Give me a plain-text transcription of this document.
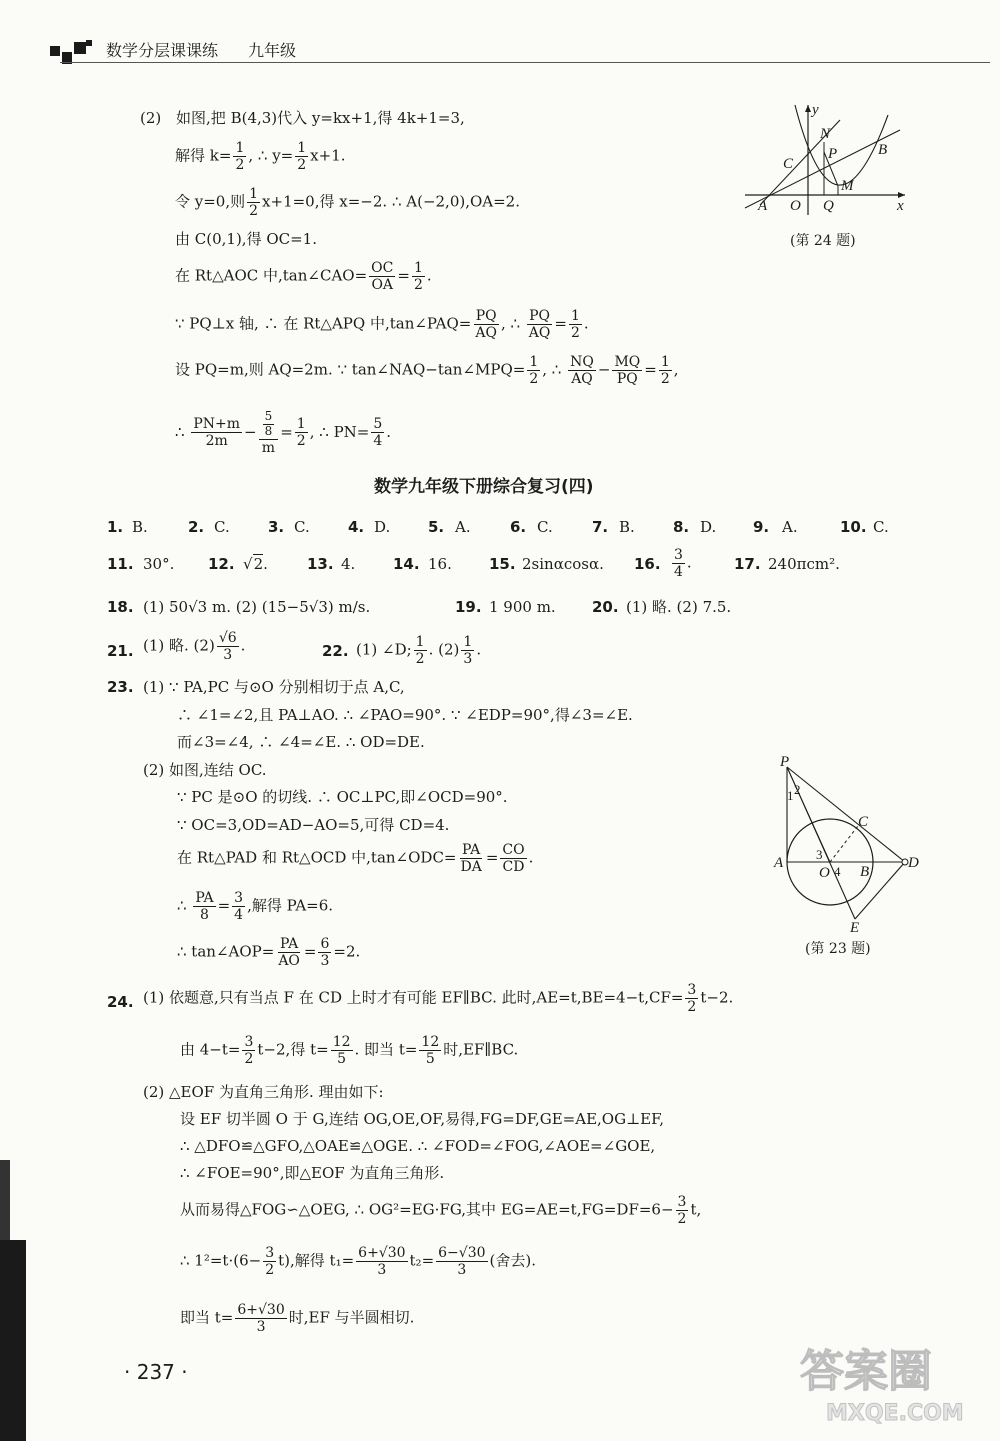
数学分层课课练 九年级
(2) 如图,把 B(4,3)代入 y=kx+1,得 4k+1=3,
解得 $k= \frac{1}{2}$ , ∴ $y= \frac{1}{2} x+1$.
令 y=0,则 $\frac{1}{2} x+1=0$,得 x=−2. ∴ A(−2,0),OA=2.
由 C(0,1),得 OC=1.
在 Rt△AOC 中,tan∠CAO= $\frac{OC}{OA} = \frac{1}{2}$ .
∵ PQ⊥x 轴, ∴ 在 Rt△APQ 中,tan∠PAQ= $\frac{PQ}{AQ}$ , ∴ $\frac{PQ}{AQ} = \frac{1}{2}$ .
设 PQ=m,则 AQ=2m. ∵ tan∠NAQ−tan∠MPQ= $\frac{1}{2}$ , ∴ $\frac{NQ}{AQ} - \frac{MQ}{PQ} = \frac{1}{2}$ ,
∴ $\frac{PN+m}{2m} - \frac{\frac{5}{8}}{m} = \frac{1}{2}$ , ∴ $PN= \frac{5}{4}$ .
y
x
N
P	B
C
M
A O Q
(第 24 题)
数学九年级下册综合复习(四)
1. B.	2. C.	3. C.	4. D.	5. A.	6. C.	7. B.	8. D. 9. A.	10. C.
11. 30°. 12. √2.	13. 4.	14. 16. 15. 2sinαcosα. 16. $\frac{3}{4}$ .	17. 240πcm².
18. (1) 50√3 m. (2) (15−5√3) m/s.	19. 1 900 m. 20. (1) 略. (2) 7.5.
21. (1) 略. $(2) \frac{√6}{3}$ .	22. (1) ∠D; $\frac{1}{2}$ . $(2) \frac{1}{3}$ .
23. (1) ∵ PA,PC 与⊙O 分别相切于点 A,C,
∴ ∠1=∠2,且 PA⊥AO. ∴ ∠PAO=90°. ∵ ∠EDP=90°,得∠3=∠E.
而∠3=∠4, ∴ ∠4=∠E. ∴ OD=DE.
(2) 如图,连结 OC.
∵ PC 是⊙O 的切线. ∴ OC⊥PC,即∠OCD=90°.
∵ OC=3,OD=AD−AO=5,可得 CD=4.
在 Rt△PAD 和 Rt△OCD 中,tan∠ODC= $\frac{PA}{DA} = \frac{CO}{CD}$ .
∴ $\frac{PA}{8} = \frac{3}{4}$ ,解得 PA=6.
∴ tan∠AOP= $\frac{PA}{AO} = \frac{6}{3} =2$.
P
1 2
C
A
3
O 4 B
D
E
(第 23 题)
24. (1) 依题意,只有当点 F 在 CD 上时才有可能 EF∥BC. 此时$,AE=t,BE=4-t,CF= \frac{3}{2} t-2$.
由 $4-t= \frac{3}{2} t-2$,得 $t= \frac{12}{5}$ . 即当 $t= \frac{12}{5}$ 时,EF∥BC.
(2) △EOF 为直角三角形. 理由如下:
设 EF 切半圆 O 于 G,连结 OG,OE,OF,易得,FG=DF,GE=AE,OG⊥EF,
∴ △DFO≌△GFO,△OAE≌△OGE. ∴ ∠FOD=∠FOG,∠AOE=∠GOE,
∴ ∠FOE=90°,即△EOF 为直角三角形.
从而易得△FOG∽△OEG, ∴ OG²=EG·FG,其中 $EG=AE=t,FG=DF=6- \frac{3}{2} t$,
∴ $1^2=t\cdot(6- \frac{3}{2} t)$,解得 $t_1= \frac{6+√30}{3} t_2= \frac{6-√30}{3}$ (舍去).
即当 $t= \frac{6+√30}{3}$ 时,EF 与半圆相切.
· 237 ·	答案圈
MXQE.COM
